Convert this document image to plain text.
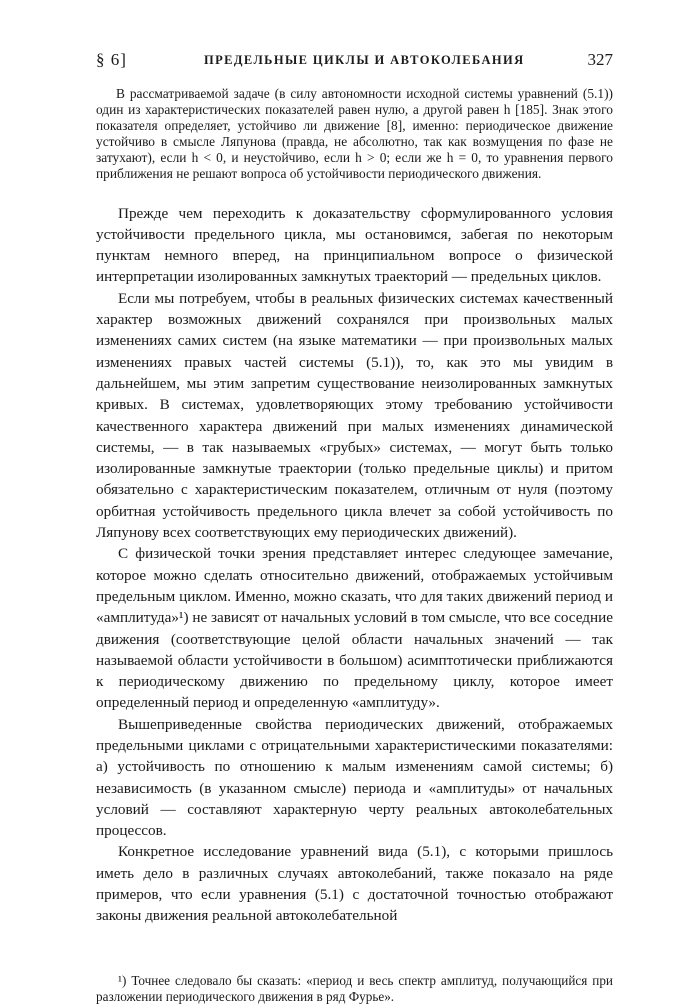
§ 6]	ПРЕДЕЛЬНЫЕ ЦИКЛЫ И АВТОКОЛЕБАНИЯ	327

В рассматриваемой задаче (в силу автономности исходной системы уравнений (5.1)) один из характеристических показателей равен нулю, а другой равен h [185]. Знак этого показателя определяет, устойчиво ли движение [8], именно: периодическое движение устойчиво в смысле Ляпунова (правда, не абсолютно, так как возмущения по фазе не затухают), если h < 0, и неустойчиво, если h > 0; если же h = 0, то уравнения первого приближения не решают вопроса об устойчивости периодического движения.

Прежде чем переходить к доказательству сформулированного условия устойчивости предельного цикла, мы остановимся, забегая по некоторым пунктам немного вперед, на принципиальном вопросе о физической интерпретации изолированных замкнутых траекторий — предельных циклов.

Если мы потребуем, чтобы в реальных физических системах качественный характер возможных движений сохранялся при произвольных малых изменениях самих систем (на языке математики — при произвольных малых изменениях правых частей системы (5.1)), то, как это мы увидим в дальнейшем, мы этим запретим существование неизолированных замкнутых кривых. В системах, удовлетворяющих этому требованию устойчивости качественного характера движений при малых изменениях динамической системы, — в так называемых «грубых» системах, — могут быть только изолированные замкнутые траектории (только предельные циклы) и притом обязательно с характеристическим показателем, отличным от нуля (поэтому орбитная устойчивость предельного цикла влечет за собой устойчивость по Ляпунову всех соответствующих ему периодических движений).

С физической точки зрения представляет интерес следующее замечание, которое можно сделать относительно движений, отображаемых устойчивым предельным циклом. Именно, можно сказать, что для таких движений период и «амплитуда»¹) не зависят от начальных условий в том смысле, что все соседние движения (соответствующие целой области начальных значений — так называемой области устойчивости в большом) асимптотически приближаются к периодическому движению по предельному циклу, которое имеет определенный период и определенную «амплитуду».

Вышеприведенные свойства периодических движений, отображаемых предельными циклами с отрицательными характеристическими показателями: а) устойчивость по отношению к малым изменениям самой системы; б) независимость (в указанном смысле) периода и «амплитуды» от начальных условий — составляют характерную черту реальных автоколебательных процессов.

Конкретное исследование уравнений вида (5.1), с которыми пришлось иметь дело в различных случаях автоколебаний, также показало на ряде примеров, что если уравнения (5.1) с достаточной точностью отображают законы движения реальной автоколебательной

¹) Точнее следовало бы сказать: «период и весь спектр амплитуд, получающийся при разложении периодического движения в ряд Фурье».
